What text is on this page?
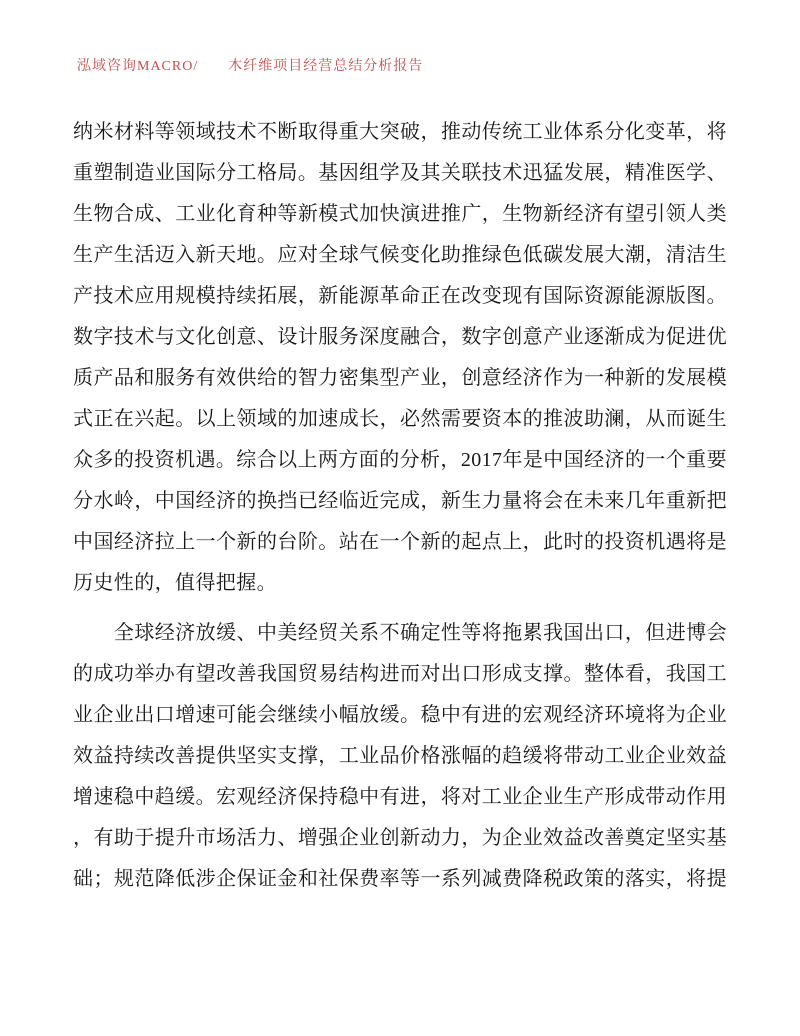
泓域咨询MACRO/ 木纤维项目经营总结分析报告
纳米材料等领域技术不断取得重大突破，推动传统工业体系分化变革，将
重塑制造业国际分工格局。基因组学及其关联技术迅猛发展，精准医学、
生物合成、工业化育种等新模式加快演进推广，生物新经济有望引领人类
生产生活迈入新天地。应对全球气候变化助推绿色低碳发展大潮，清洁生
产技术应用规模持续拓展，新能源革命正在改变现有国际资源能源版图。
数字技术与文化创意、设计服务深度融合，数字创意产业逐渐成为促进优
质产品和服务有效供给的智力密集型产业，创意经济作为一种新的发展模
式正在兴起。以上领域的加速成长，必然需要资本的推波助澜，从而诞生
众多的投资机遇。综合以上两方面的分析，2017年是中国经济的一个重要
分水岭，中国经济的换挡已经临近完成，新生力量将会在未来几年重新把
中国经济拉上一个新的台阶。站在一个新的起点上，此时的投资机遇将是
历史性的，值得把握。
　　全球经济放缓、中美经贸关系不确定性等将拖累我国出口，但进博会
的成功举办有望改善我国贸易结构进而对出口形成支撑。整体看，我国工
业企业出口增速可能会继续小幅放缓。稳中有进的宏观经济环境将为企业
效益持续改善提供坚实支撑，工业品价格涨幅的趋缓将带动工业企业效益
增速稳中趋缓。宏观经济保持稳中有进，将对工业企业生产形成带动作用
，有助于提升市场活力、增强企业创新动力，为企业效益改善奠定坚实基
础；规范降低涉企保证金和社保费率等一系列减费降税政策的落实，将提
